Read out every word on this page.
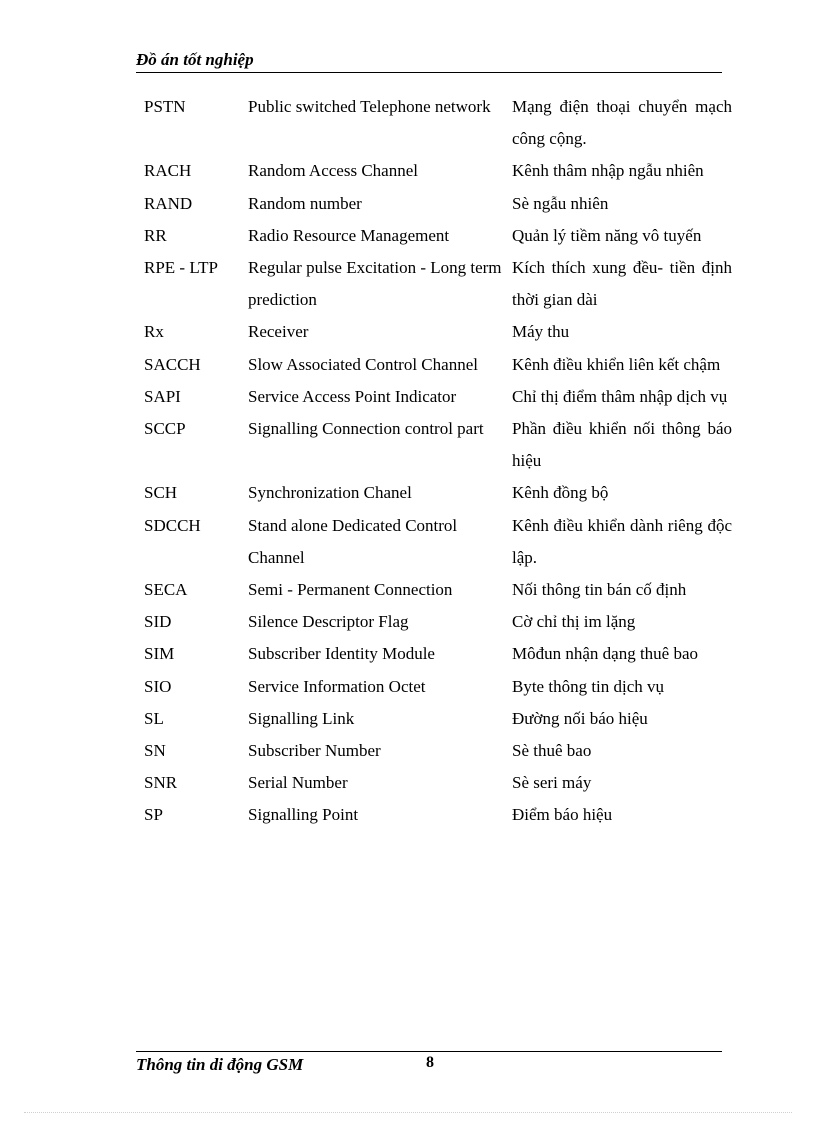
Đồ án tốt nghiệp
PSTN	Public switched Telephone network	Mạng điện thoại chuyển mạch công cộng.
RACH	Random Access Channel	Kênh thâm nhập ngẫu nhiên
RAND	Random number	Sè ngẫu nhiên
RR	Radio Resource Management	Quản lý tiềm năng vô tuyến
RPE - LTP	Regular pulse Excitation - Long term prediction	Kích thích xung đều- tiền định thời gian dài
Rx	Receiver	Máy thu
SACCH	Slow Associated Control Channel	Kênh điều khiển liên kết chậm
SAPI	Service Access Point Indicator	Chỉ thị điểm thâm nhập dịch vụ
SCCP	Signalling Connection control part	Phần điều khiển nối thông báo hiệu
SCH	Synchronization Chanel	Kênh đồng bộ
SDCCH	Stand alone Dedicated Control Channel	Kênh điều khiển dành riêng độc lập.
SECA	Semi - Permanent Connection	Nối thông tin bán cố định
SID	Silence Descriptor Flag	Cờ chỉ thị im lặng
SIM	Subscriber Identity Module	Môđun nhận dạng thuê bao
SIO	Service Information Octet	Byte thông tin dịch vụ
SL	Signalling Link	Đường nối báo hiệu
SN	Subscriber Number	Sè thuê bao
SNR	Serial Number	Sè seri máy
SP	Signalling Point	Điểm báo hiệu
Thông tin di động GSM	8
